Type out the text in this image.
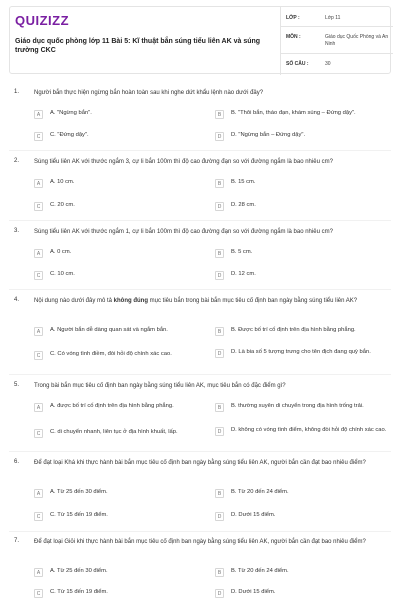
QUIZIZZ
Giáo dục quốc phòng lớp 11 Bài 5: Kĩ thuật bắn súng tiểu liên AK và súng trường CKC
LỚP :	Lớp 11
MÔN :	Giáo dục Quốc Phòng và An Ninh
SỐ CÂU :	30
1. Người bắn thực hiện ngừng bắn hoàn toàn sau khi nghe dứt khẩu lệnh nào dưới đây?
A	A. "Ngừng bắn".	B	B. "Thôi bắn, tháo đạn, khám súng – Đứng dậy".
C	C. "Đứng dậy".	D	D. "Ngừng bắn – Đứng dậy".
2. Súng tiểu liên AK với thước ngắm 3, cự li bắn 100m thì độ cao đường đạn so với đường ngắm là bao nhiêu cm?
A	A. 10 cm.	B	B. 15 cm.
C	C. 20 cm.	D	D. 28 cm.
3. Súng tiểu liên AK với thước ngắm 1, cự li bắn 100m thì độ cao đường đạn so với đường ngắm là bao nhiêu cm?
A	A. 0 cm.	B	B. 5 cm.
C	C. 10 cm.	D	D. 12 cm.
4. Nội dung nào dưới đây mô tả không đúng mục tiêu bắn trong bài bắn mục tiêu cố định ban ngày bằng súng tiểu liên AK?
A	A. Người bắn dễ dàng quan sát và ngắm bắn.	B	B. Được bố trí cố định trên địa hình bằng phẳng.
C	C. Có vóng tình điềm, đòi hỏi độ chính xác cao.	D	D. Là bia số 5 tượng trưng cho tên địch đang quỳ bắn.
5. Trong bài bắn mục tiêu cố định ban ngày bằng súng tiểu liên AK, mục tiêu bắn có đặc điểm gì?
A	A. được bố trí cố định trên địa hình bằng phẳng.	B	B. thường xuyên di chuyển trong địa hình trống trải.
C	C. di chuyển nhanh, liên tục ở địa hình khuất, lấp.	D	D. không có vóng tình điểm, không đòi hỏi độ chính xác cao.
6. Để đạt loại Khá khi thực hành bài bắn mục tiêu cố định ban ngày bằng súng tiểu liên AK, người bắn cần đạt bao nhiêu điểm?
A	A. Từ 25 đến 30 điểm.	B	B. Từ 20 đến 24 điểm.
C	C. Từ 15 đến 19 điểm.	D	D. Dưới 15 điểm.
7. Để đạt loại Giỏi khi thực hành bài bắn mục tiêu cố định ban ngày bằng súng tiểu liên AK, người bắn cần đạt bao nhiêu điểm?
A	A. Từ 25 đến 30 điểm.	B	B. Từ 20 đến 24 điểm.
C	C. Từ 15 đến 19 điểm.	D	D. Dưới 15 điểm.
